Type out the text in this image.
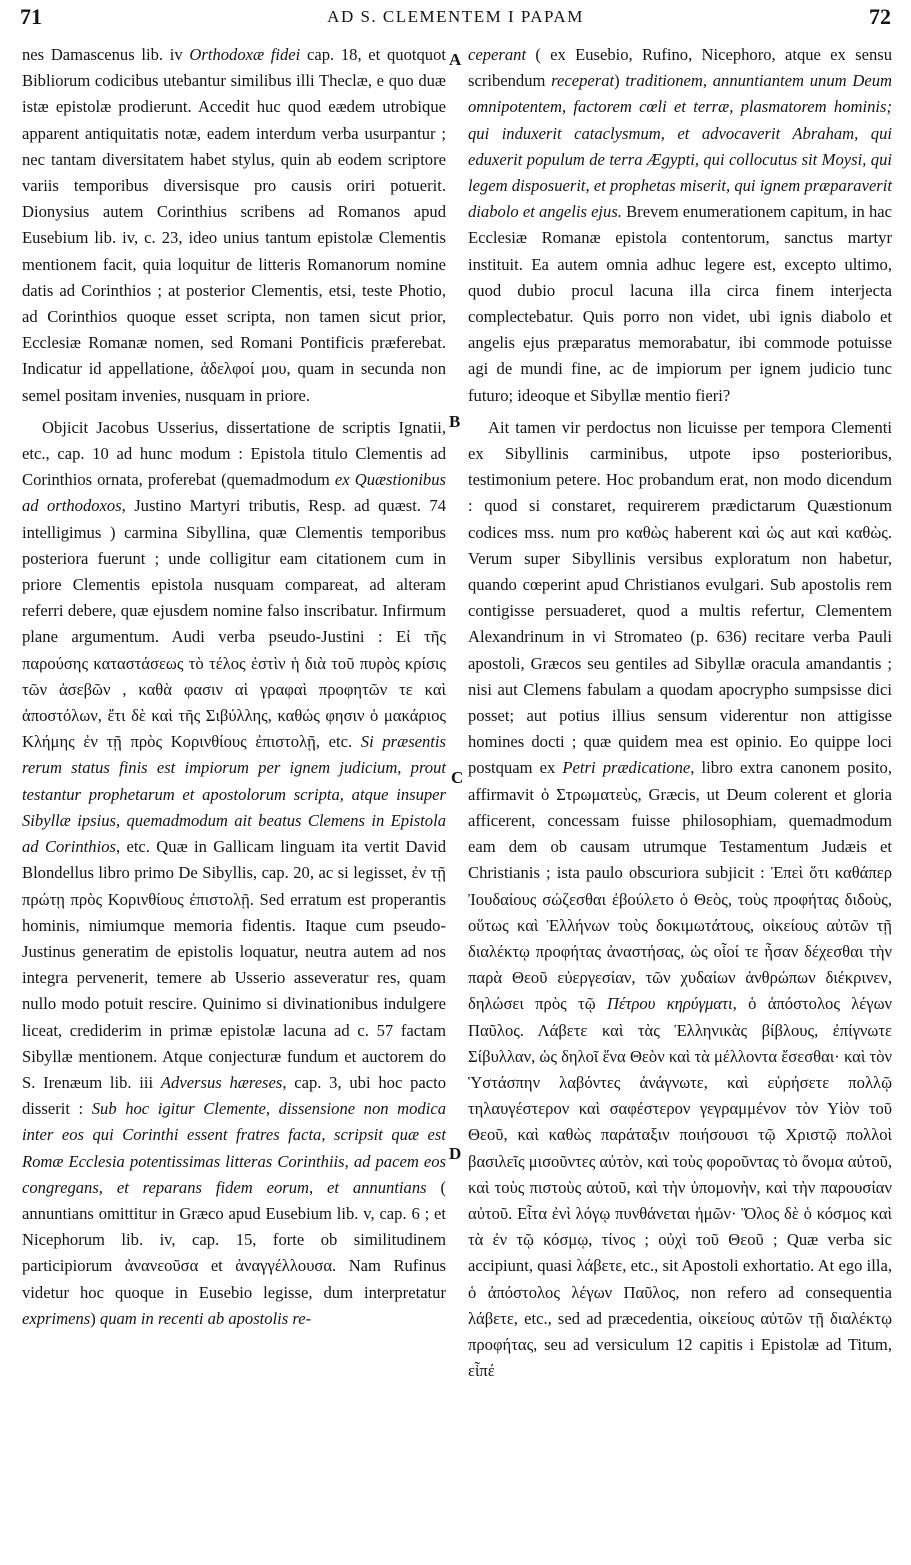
71	AD S. CLEMENTEM I PAPAM	72
A
B
C
D

nes Damascenus lib. iv Orthodoxæ fidei cap. 18, et quotquot Bibliorum codicibus utebantur similibus illi Theclæ, e quo duæ istæ epistolæ prodierunt. Accedit huc quod eædem utrobique apparent antiquitatis notæ, eadem interdum verba usurpantur ; nec tantam diversitatem habet stylus, quin ab eodem scriptore variis temporibus diversisque pro causis oriri potuerit. Dionysius autem Corinthius scribens ad Romanos apud Eusebium lib. iv, c. 23, ideo unius tantum epistolæ Clementis mentionem facit, quia loquitur de litteris Romanorum nomine datis ad Corinthios ; at posterior Clementis, etsi, teste Photio, ad Corinthios quoque esset scripta, non tamen sicut prior, Ecclesiæ Romanæ nomen, sed Romani Pontificis præferebat. Indicatur id appellatione, ἀδελφοί μου, quam in secunda non semel positam invenies, nusquam in priore.

Objicit Jacobus Usserius, dissertatione de scriptis Ignatii, etc., cap. 10 ad hunc modum : Epistola titulo Clementis ad Corinthios ornata, proferebat (quemadmodum ex Quæstionibus ad orthodoxos, Justino Martyri tributis, Resp. ad quæst. 74 intelligimus ) carmina Sibyllina, quæ Clementis temporibus posteriora fuerunt ; unde colligitur eam citationem cum in priore Clementis epistola nusquam compareat, ad alteram referri debere, quæ ejusdem nomine falso inscribatur. Infirmum plane argumentum. Audi verba pseudo-Justini : Εἰ τῆς παρούσης καταστάσεως τὸ τέλος ἐστὶν ἡ διὰ τοῦ πυρὸς κρίσις τῶν ἀσεβῶν , καθὰ φασιν αἱ γραφαὶ προφητῶν τε καὶ ἀποστόλων, ἔτι δὲ καὶ τῆς Σιβύλλης, καθώς φησιν ὁ μακάριος Κλήμης ἐν τῇ πρὸς Κορινθίους ἐπιστολῇ, etc. Si præsentis rerum status finis est impiorum per ignem judicium, prout testantur prophetarum et apostolorum scripta, atque insuper Sibyllæ ipsius, quemadmodum ait beatus Clemens in Epistola ad Corinthios, etc. Quæ in Gallicam linguam ita vertit David Blondellus libro primo De Sibyllis, cap. 20, ac si legisset, ἐν τῇ πρώτῃ πρὸς Κορινθίους ἐπιστολῇ. Sed erratum est properantis hominis, nimiumque memoria fidentis. Itaque cum pseudo-Justinus generatim de epistolis loquatur, neutra autem ad nos integra pervenerit, temere ab Usserio asseveratur res, quam nullo modo potuit rescire. Quinimo si divinationibus indulgere liceat, crediderim in primæ epistolæ lacuna ad c. 57 factam Sibyllæ mentionem. Atque conjecturæ fundum et auctorem do S. Irenæum lib. iii Adversus hæreses, cap. 3, ubi hoc pacto disserit : Sub hoc igitur Clemente, dissensione non modica inter eos qui Corinthi essent fratres facta, scripsit quæ est Romæ Ecclesia potentissimas litteras Corinthiis, ad pacem eos congregans, et reparans fidem eorum, et annuntians ( annuntians omittitur in Græco apud Eusebium lib. v, cap. 6 ; et Nicephorum lib. iv, cap. 15, forte ob similitudinem participiorum ἀνανεοῦσα et ἀναγγέλλουσα. Nam Rufinus videtur hoc quoque in Eusebio legisse, dum interpretatur exprimens) quam in recenti ab apostolis re-

ceperant ( ex Eusebio, Rufino, Nicephoro, atque ex sensu scribendum receperat) traditionem, annuntiantem unum Deum omnipotentem, factorem cœli et terræ, plasmatorem hominis; qui induxerit cataclysmum, et advocaverit Abraham, qui eduxerit populum de terra Ægypti, qui collocutus sit Moysi, qui legem disposuerit, et prophetas miserit, qui ignem præparaverit diabolo et angelis ejus. Brevem enumerationem capitum, in hac Ecclesiæ Romanæ epistola contentorum, sanctus martyr instituit. Ea autem omnia adhuc legere est, excepto ultimo, quod dubio procul lacuna illa circa finem interjecta complectebatur. Quis porro non videt, ubi ignis diabolo et angelis ejus præparatus memorabatur, ibi commode potuisse agi de mundi fine, ac de impiorum per ignem judicio tunc futuro; ideoque et Sibyllæ mentio fieri?

Ait tamen vir perdoctus non licuisse per tempora Clementi ex Sibyllinis carminibus, utpote ipso posterioribus, testimonium petere. Hoc probandum erat, non modo dicendum : quod si constaret, requirerem prædictarum Quæstionum codices mss. num pro καθὼς haberent καὶ ὡς aut καὶ καθὼς. Verum super Sibyllinis versibus exploratum non habetur, quando cœperint apud Christianos evulgari. Sub apostolis rem contigisse persuaderet, quod a multis refertur, Clementem Alexandrinum in vi Stromateo (p. 636) recitare verba Pauli apostoli, Græcos seu gentiles ad Sibyllæ oracula amandantis ; nisi aut Clemens fabulam a quodam apocrypho sumpsisse dici posset; aut potius illius sensum viderentur non attigisse homines docti ; quæ quidem mea est opinio. Eo quippe loci postquam ex Petri prædicatione, libro extra canonem posito, affirmavit ὁ Στρωματεὺς, Græcis, ut Deum colerent et gloria afficerent, concessam fuisse philosophiam, quemadmodum eam dem ob causam utrumque Testamentum Judæis et Christianis ; ista paulo obscuriora subjicit : Ἐπεὶ ὅτι καθάπερ Ἰουδαίους σώζεσθαι ἐβούλετο ὁ Θεὸς, τοὺς προφήτας διδοὺς, οὕτως καὶ Ἑλλήνων τοὺς δοκιμωτάτους, οἰκείους αὐτῶν τῇ διαλέκτῳ προφήτας ἀναστήσας, ὡς οἷοί τε ἦσαν δέχεσθαι τὴν παρὰ Θεοῦ εὐεργεσίαν, τῶν χυδαίων ἀνθρώπων διέκρινεν, δηλώσει πρὸς τῷ Πέτρου κηρύγματι, ὁ ἀπόστολος λέγων Παῦλος. Λάβετε καὶ τὰς Ἑλληνικὰς βίβλους, ἐπίγνωτε Σίβυλλαν, ὡς δηλοῖ ἕνα Θεὸν καὶ τὰ μέλλοντα ἔσεσθαι· καὶ τὸν Ὑστάσπην λαβόντες ἀνάγνωτε, καὶ εὑρήσετε πολλῷ τηλαυγέστερον καὶ σαφέστερον γεγραμμένον τὸν Υἱὸν τοῦ Θεοῦ, καὶ καθὼς παράταξιν ποιήσουσι τῷ Χριστῷ πολλοὶ βασιλεῖς μισοῦντες αὐτὸν, καὶ τοὺς φοροῦντας τὸ ὄνομα αὐτοῦ, καὶ τοὺς πιστοὺς αὐτοῦ, καὶ τὴν ὑπομονὴν, καὶ τὴν παρουσίαν αὐτοῦ. Εἶτα ἐνὶ λόγῳ πυνθάνεται ἡμῶν· Ὅλος δὲ ὁ κόσμος καὶ τὰ ἐν τῷ κόσμῳ, τίνος ; οὐχὶ τοῦ Θεοῦ ; Quæ verba sic accipiunt, quasi λάβετε, etc., sit Apostoli exhortatio. At ego illa, ὁ ἀπόστολος λέγων Παῦλος, non refero ad consequentia λάβετε, etc., sed ad præcedentia, οἰκείους αὐτῶν τῇ διαλέκτῳ προφήτας, seu ad versiculum 12 capitis i Epistolæ ad Titum, εἶπέ
